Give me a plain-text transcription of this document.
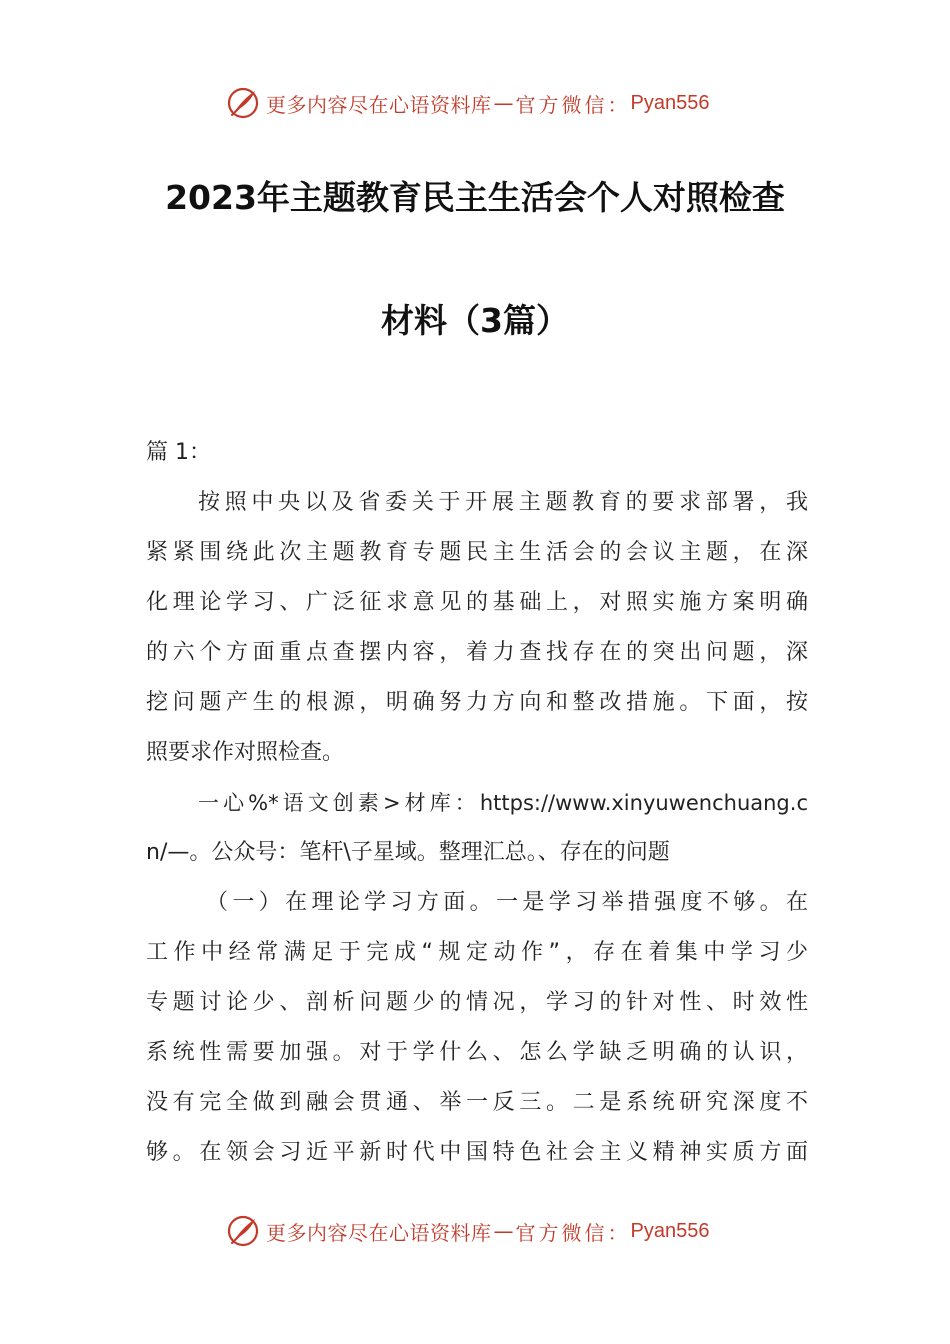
更多内容尽在心语资料库 — 官方微信： Pyan556
2023年主题教育民主生活会个人对照检查
材料（3篇）
篇 1：
按照中央以及省委关于开展主题教育的要求部署，我
紧紧围绕此次主题教育专题民主生活会的会议主题，在深
化理论学习、广泛征求意见的基础上，对照实施方案明确
的六个方面重点查摆内容，着力查找存在的突出问题，深
挖问题产生的根源，明确努力方向和整改措施。下面，按
照要求作对照检查。
一心%*语文创素>材库：https://www.xinyuwenchuang.c
n/—。公众号：笔杆\子星域。整理汇总。、存在的问题
（一）在理论学习方面。一是学习举措强度不够。在
工作中经常满足于完成“规定动作”，存在着集中学习少
专题讨论少、剖析问题少的情况，学习的针对性、时效性
系统性需要加强。对于学什么、怎么学缺乏明确的认识，
没有完全做到融会贯通、举一反三。二是系统研究深度不
够。在领会习近平新时代中国特色社会主义精神实质方面
更多内容尽在心语资料库 — 官方微信： Pyan556
